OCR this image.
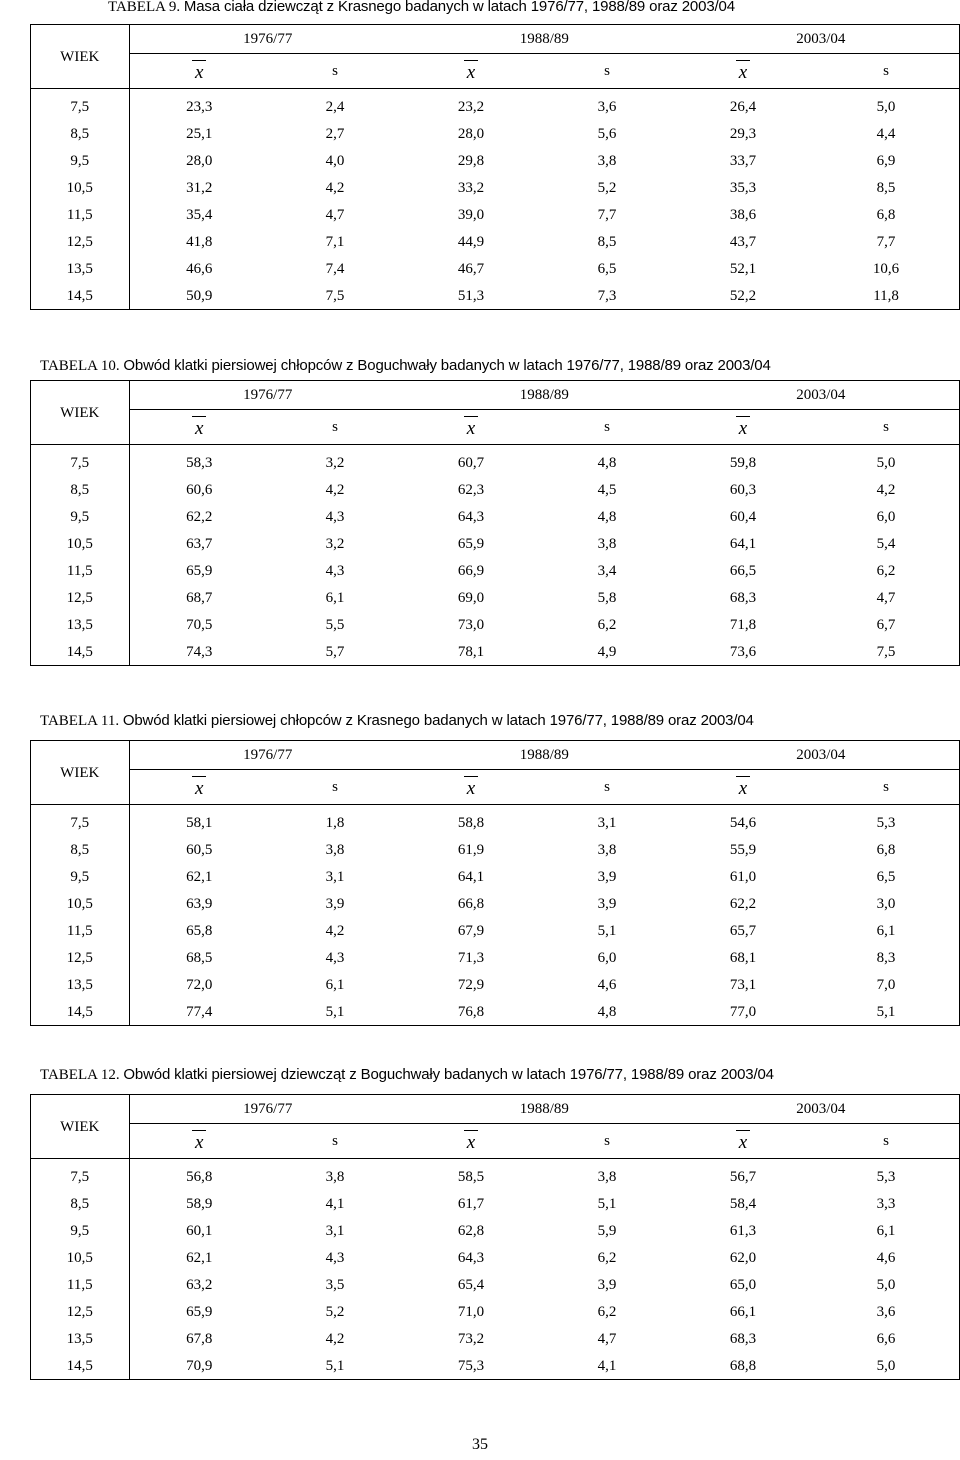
TABELA 9. Masa ciała dziewcząt z Krasnego badanych w latach 1976/77, 1988/89 oraz 2003/04
WIEK	1976/77 1988/89 2003/04					

	x	s	x	s	x	s
7,5	23,3	2,4	23,2	3,6	26,4	5,0
8,5	25,1	2,7	28,0	5,6	29,3	4,4
9,5	28,0	4,0	29,8	3,8	33,7	6,9
10,5	31,2	4,2	33,2	5,2	35,3	8,5
11,5	35,4	4,7	39,0	7,7	38,6	6,8
12,5	41,8	7,1	44,9	8,5	43,7	7,7
13,5	46,6	7,4	46,7	6,5	52,1	10,6
14,5	50,9	7,5	51,3	7,3	52,2	11,8
TABELA 10. Obwód klatki piersiowej chłopców z Boguchwały badanych w latach 1976/77, 1988/89 oraz 2003/04
WIEK	1976/77 1988/89 2003/04					

	x	s	x	s	x	s
7,5	58,3	3,2	60,7	4,8	59,8	5,0
8,5	60,6	4,2	62,3	4,5	60,3	4,2
9,5	62,2	4,3	64,3	4,8	60,4	6,0
10,5	63,7	3,2	65,9	3,8	64,1	5,4
11,5	65,9	4,3	66,9	3,4	66,5	6,2
12,5	68,7	6,1	69,0	5,8	68,3	4,7
13,5	70,5	5,5	73,0	6,2	71,8	6,7
14,5	74,3	5,7	78,1	4,9	73,6	7,5
TABELA 11. Obwód klatki piersiowej chłopców z Krasnego badanych w latach 1976/77, 1988/89 oraz 2003/04
WIEK	1976/77 1988/89 2003/04					

	x	s	x	s	x	s
7,5	58,1	1,8	58,8	3,1	54,6	5,3
8,5	60,5	3,8	61,9	3,8	55,9	6,8
9,5	62,1	3,1	64,1	3,9	61,0	6,5
10,5	63,9	3,9	66,8	3,9	62,2	3,0
11,5	65,8	4,2	67,9	5,1	65,7	6,1
12,5	68,5	4,3	71,3	6,0	68,1	8,3
13,5	72,0	6,1	72,9	4,6	73,1	7,0
14,5	77,4	5,1	76,8	4,8	77,0	5,1
TABELA 12. Obwód klatki piersiowej dziewcząt z Boguchwały badanych w latach 1976/77, 1988/89 oraz 2003/04
WIEK	1976/77 1988/89 2003/04					

	x	s	x	s	x	s
7,5	56,8	3,8	58,5	3,8	56,7	5,3
8,5	58,9	4,1	61,7	5,1	58,4	3,3
9,5	60,1	3,1	62,8	5,9	61,3	6,1
10,5	62,1	4,3	64,3	6,2	62,0	4,6
11,5	63,2	3,5	65,4	3,9	65,0	5,0
12,5	65,9	5,2	71,0	6,2	66,1	3,6
13,5	67,8	4,2	73,2	4,7	68,3	6,6
14,5	70,9	5,1	75,3	4,1	68,8	5,0
35
